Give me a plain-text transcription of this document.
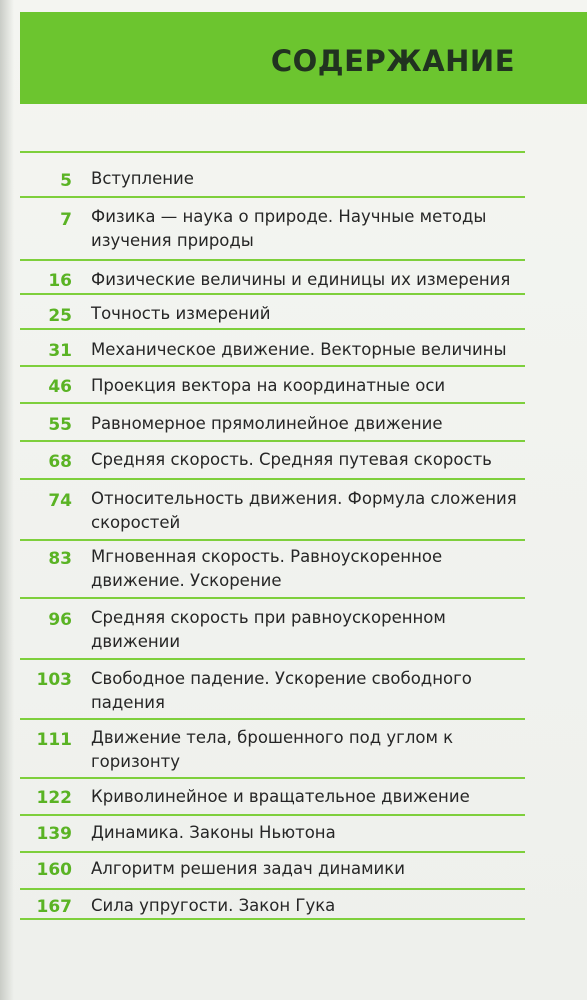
СОДЕРЖАНИЕ
5 Вступление
7 Физика — наука о природе. Научные методы изучения природы
16 Физические величины и единицы их измерения
25 Точность измерений
31 Механическое движение. Векторные величины
46 Проекция вектора на координатные оси
55 Равномерное прямолинейное движение
68 Средняя скорость. Средняя путевая скорость
74 Относительность движения. Формула сложения скоростей
83 Мгновенная скорость. Равноускоренное движение. Ускорение
96 Средняя скорость при равноускоренном движении
103 Свободное падение. Ускорение свободного падения
111 Движение тела, брошенного под углом к горизонту
122 Криволинейное и вращательное движение
139 Динамика. Законы Ньютона
160 Алгоритм решения задач динамики
167 Сила упругости. Закон Гука
